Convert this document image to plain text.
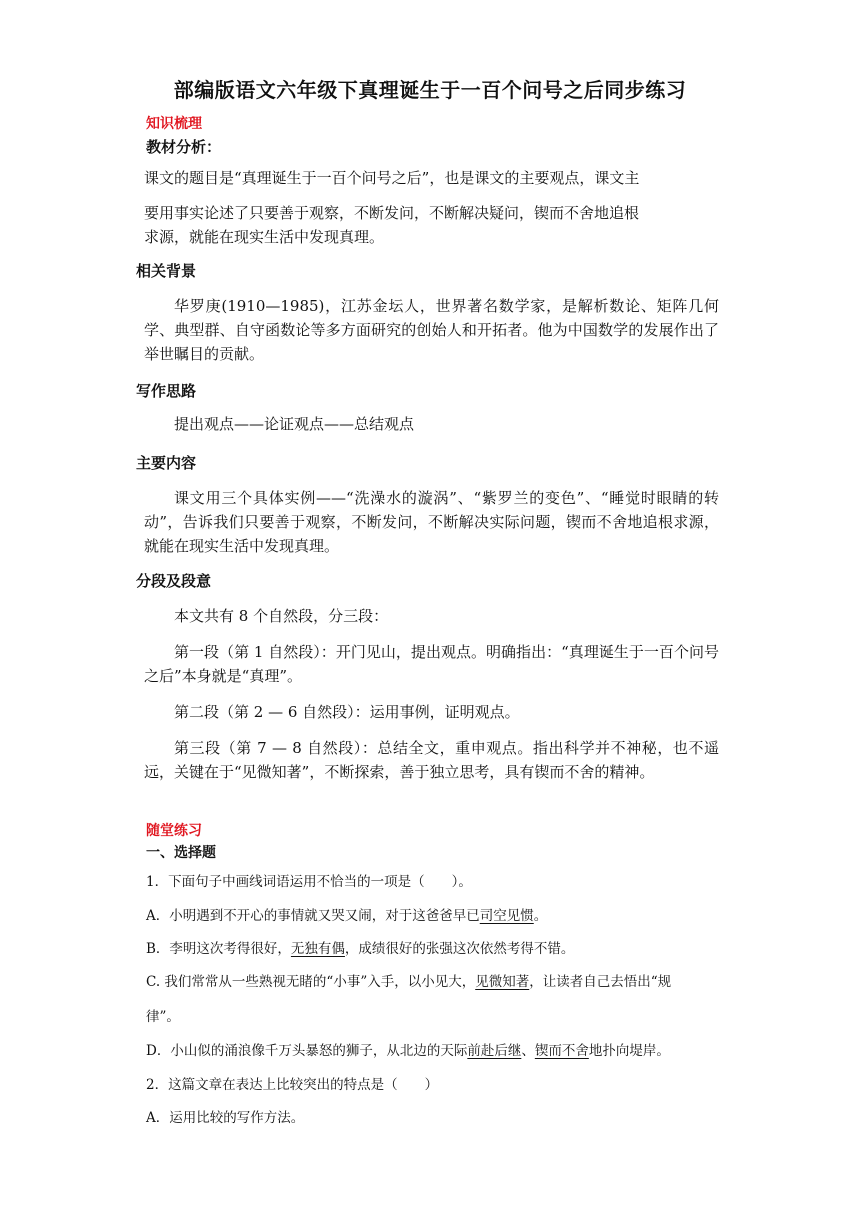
部编版语文六年级下真理诞生于一百个问号之后同步练习
知识梳理
教材分析：
课文的题目是“真理诞生于一百个问号之后”，也是课文的主要观点，课文主
要用事实论述了只要善于观察，不断发问，不断解决疑问，锲而不舍地追根
求源，就能在现实生活中发现真理。
相关背景
华罗庚(1910—1985)，江苏金坛人，世界著名数学家，是解析数论、矩阵几何学、典型群、自守函数论等多方面研究的创始人和开拓者。他为中国数学的发展作出了举世瞩目的贡献。
写作思路
提出观点——论证观点——总结观点
主要内容
课文用三个具体实例——“洗澡水的漩涡”、“紫罗兰的变色”、“睡觉时眼睛的转动”，告诉我们只要善于观察，不断发问，不断解决实际问题，锲而不舍地追根求源，就能在现实生活中发现真理。
分段及段意
本文共有 8 个自然段，分三段：
第一段（第 1 自然段）：开门见山，提出观点。明确指出：“真理诞生于一百个问号之后”本身就是“真理”。
第二段（第 2 — 6 自然段）：运用事例，证明观点。
第三段（第 7 — 8 自然段）：总结全文，重申观点。指出科学并不神秘，也不遥远，关键在于“见微知著”，不断探索，善于独立思考，具有锲而不舍的精神。
随堂练习
一、选择题
1．下面句子中画线词语运用不恰当的一项是（　　）。
A．小明遇到不开心的事情就又哭又闹，对于这爸爸早已司空见惯。
B．李明这次考得很好，无独有偶，成绩很好的张强这次依然考得不错。
C. 我们常常从一些熟视无睹的“小事”入手，以小见大，见微知著，让读者自己去悟出“规
律”。
D．小山似的涌浪像千万头暴怒的狮子，从北边的天际前赴后继、锲而不舍地扑向堤岸。
2．这篇文章在表达上比较突出的特点是（　　）
A．运用比较的写作方法。
